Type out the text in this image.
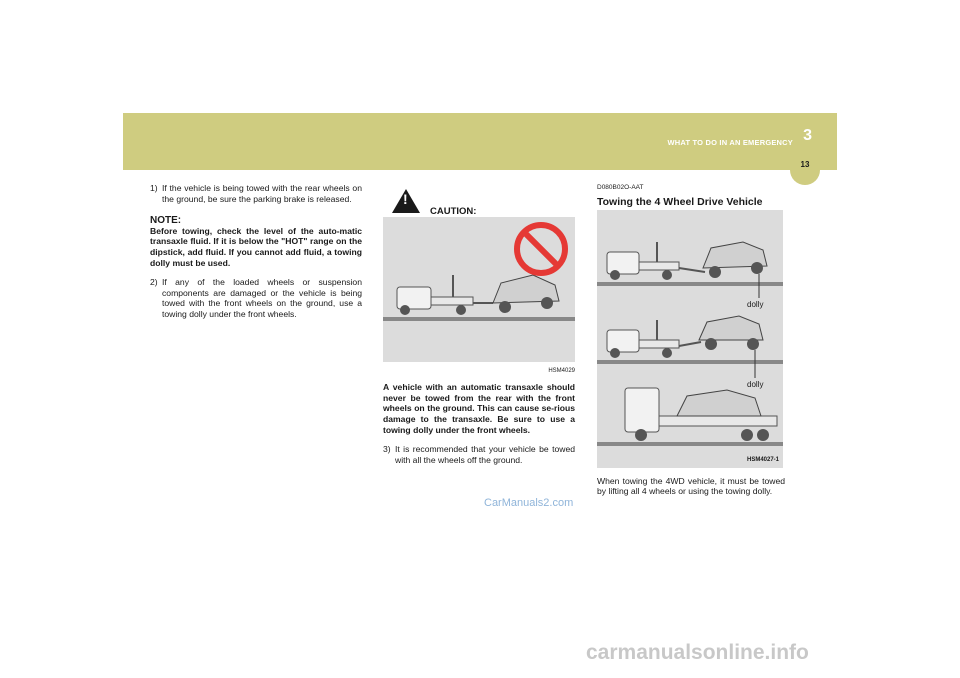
WHAT TO DO IN AN EMERGENCY 3
13
1) If the vehicle is being towed with the rear wheels on the ground, be sure the parking brake is released.
NOTE:
Before towing, check the level of the auto-matic transaxle fluid. If it is below the "HOT" range on the dipstick, add fluid. If you cannot add fluid, a towing dolly must be used.
2) If any of the loaded wheels or suspension components are damaged or the vehicle is being towed with the front wheels on the ground, use a towing dolly under the front wheels.
!
CAUTION:
HSM4029
A vehicle with an automatic transaxle should never be towed from the rear with the front wheels on the ground. This can cause se-rious damage to the transaxle. Be sure to use a towing dolly under the front wheels.
3) It is recommended that your vehicle be towed with all the wheels off the ground.
D080B02O-AAT
Towing the 4 Wheel Drive Vehicle
dolly
dolly
HSM4027-1
When towing the 4WD vehicle, it must be towed by lifting all 4 wheels or using the towing dolly.
CarManuals2.com
carmanualsonline.info
